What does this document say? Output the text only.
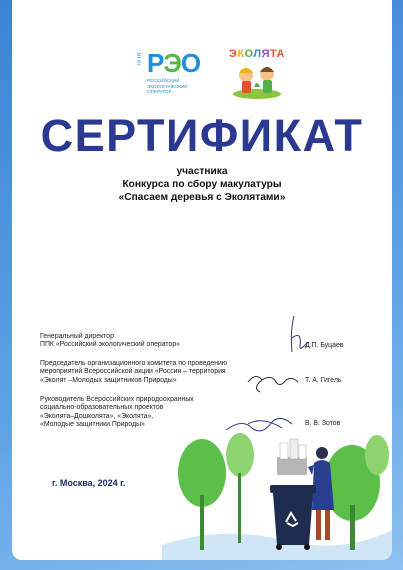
ППК РЭО
РОССИЙСКИЙ ЭКОЛОГИЧЕСКИЙ ОПЕРАТОР
ЭКОЛЯТА
СЕРТИФИКАТ
участника
Конкурса по сбору макулатуры
«Спасаем деревья с Эколятами»
Генеральный директор
ППК «Российский экологический оператор»	Д.П. Буцаев
Председатель организационного комитета по проведению
мероприятий Всероссийской акции «Россия – территория
«Эколят –Молодых защитников Природы»	Т. А. Гигель
Руководитель Всероссийских природоохранных
социально-образовательных проектов
«Эколята–Дошколята», «Эколята»,
«Молодые защитники Природы»	В. В. Зотов
г. Москва, 2024 г.
